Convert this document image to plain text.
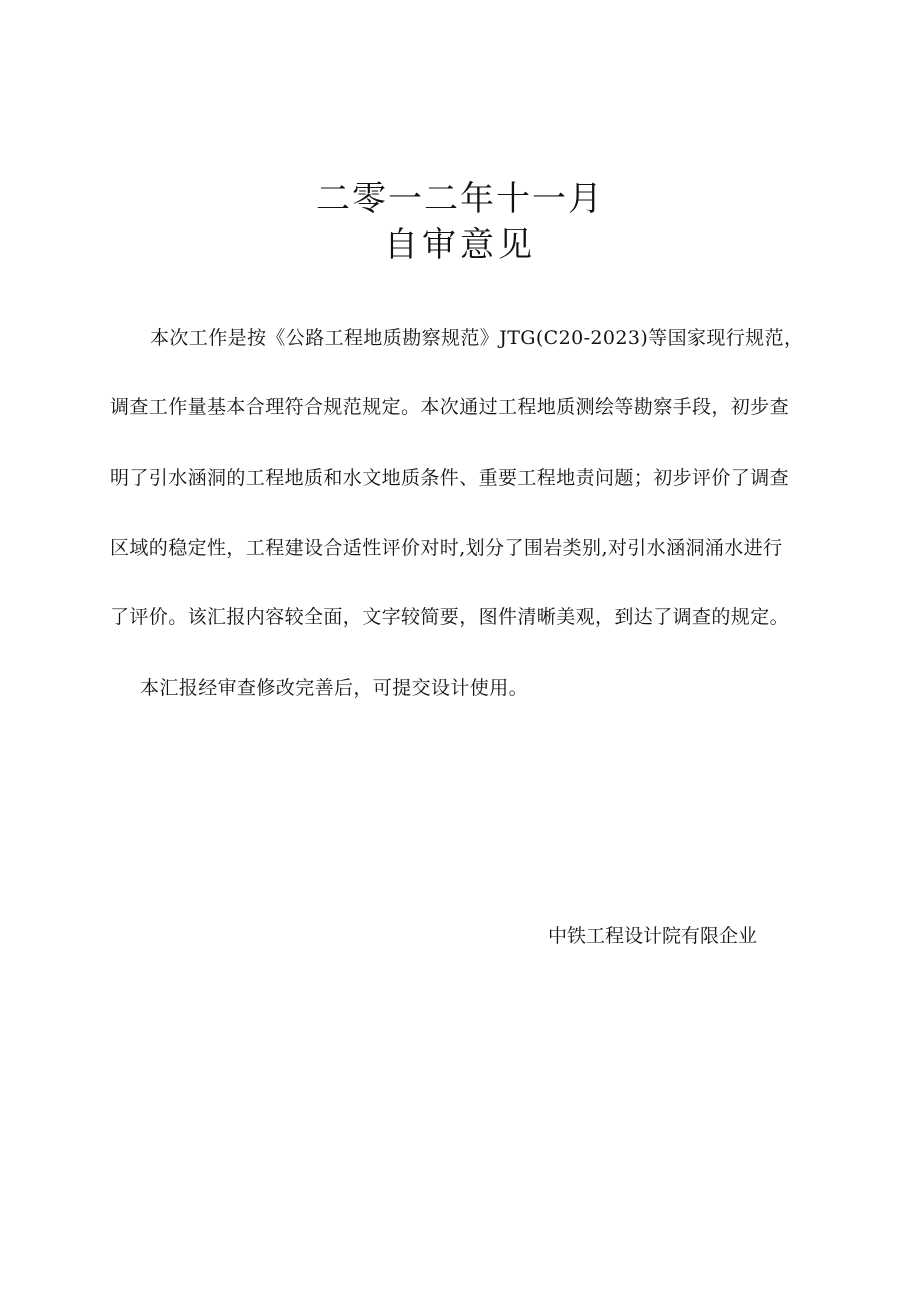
二零一二年十一月
自审意见
本次工作是按《公路工程地质勘察规范》JTG(C20-2023)等国家现行规范，
调查工作量基本合理符合规范规定。本次通过工程地质测绘等勘察手段，初步查
明了引水涵洞的工程地质和水文地质条件、重要工程地责问题；初步评价了调查
区域的稳定性，工程建设合适性评价对时,划分了围岩类别,对引水涵洞涌水进行
了评价。该汇报内容较全面，文字较简要，图件清晰美观，到达了调查的规定。
本汇报经审查修改完善后，可提交设计使用。
中铁工程设计院有限企业
